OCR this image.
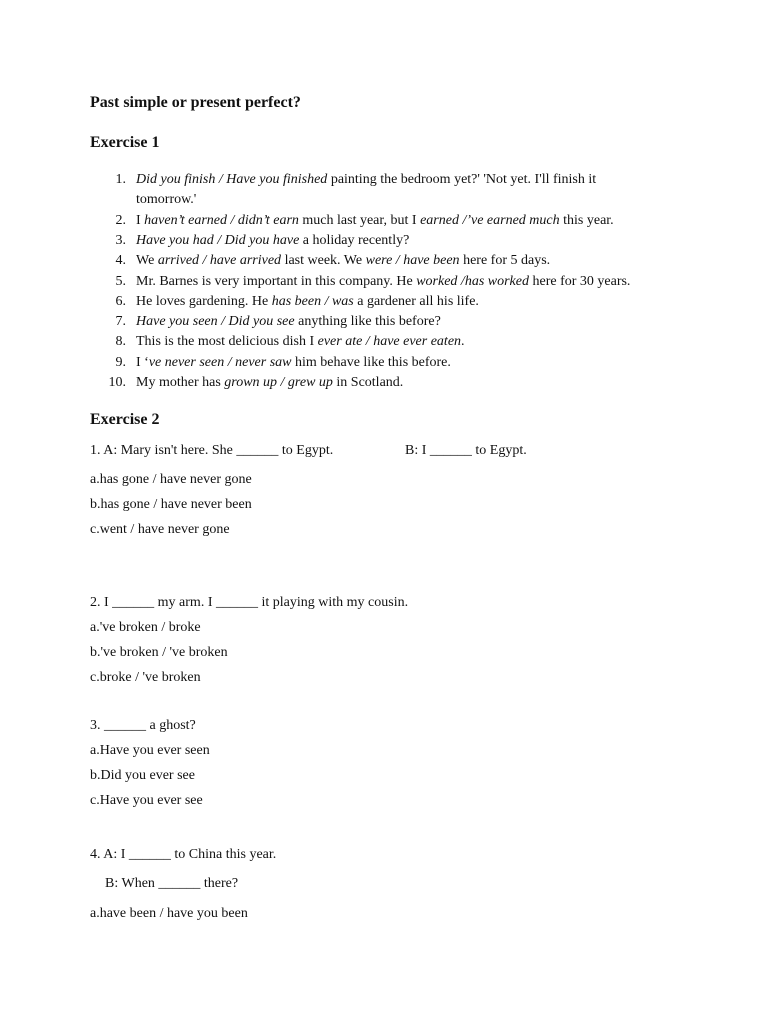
Past simple or present perfect?
Exercise 1
1. Did you finish / Have you finished painting the bedroom yet?' 'Not yet. I'll finish it
tomorrow.'
2. I haven’t earned / didn’t earn much last year, but I earned /’ve earned much this year.
3. Have you had / Did you have a holiday recently?
4. We arrived / have arrived last week. We were / have been here for 5 days.
5. Mr. Barnes is very important in this company. He worked /has worked here for 30 years.
6. He loves gardening. He has been / was a gardener all his life.
7. Have you seen / Did you see anything like this before?
8. This is the most delicious dish I ever ate / have ever eaten.
9. I ‘ve never seen / never saw him behave like this before.
10. My mother has grown up / grew up in Scotland.
Exercise 2
1. A: Mary isn't here. She ______ to Egypt.	B: I ______ to Egypt.
a.has gone / have never gone
b.has gone / have never been
c.went / have never gone
2. I ______ my arm. I ______ it playing with my cousin.
a.'ve broken / broke
b.'ve broken / 've broken
c.broke / 've broken
3. ______ a ghost?
a.Have you ever seen
b.Did you ever see
c.Have you ever see
4. A: I ______ to China this year.
B: When ______ there?
a.have been / have you been
